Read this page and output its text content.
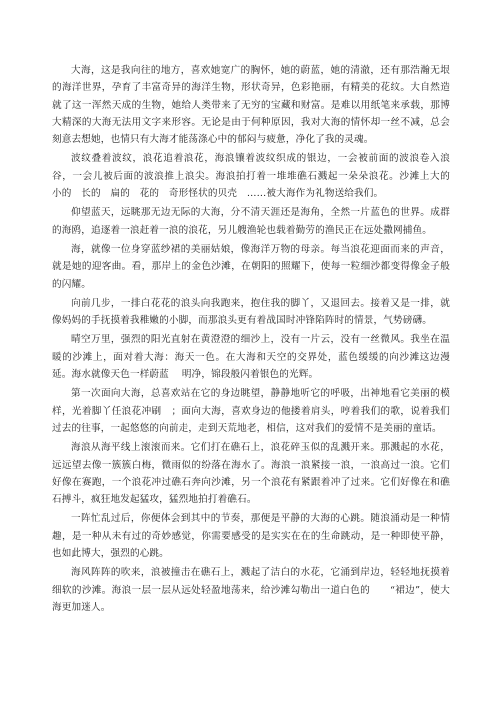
大海，这是我向往的地方，喜欢她宽广的胸怀，她的蔚蓝，她的清澈，还有那浩瀚无垠的海洋世界，孕育了丰富奇异的海洋生物，形状奇异，色彩艳丽，有精美的花纹。大自然造就了这一浑然天成的生物，她给人类带来了无穷的宝藏和财富。是难以用纸笔来承载，那博大精深的大海无法用文字来形容。无论是由于何种原因，我对大海的情怀却一丝不减，总会刻意去想她，也情只有大海才能荡涤心中的郁闷与疲惫，净化了我的灵魂。

波纹叠着波纹，浪花追着浪花，海浪镶着波纹织成的银边，一会被前面的波浪卷入浪谷，一会儿被后面的波浪推上浪尖。海浪拍打着一堆堆礁石溅起一朵朵浪花。沙滩上大的　　小的　长的　扁的　花的　奇形怪状的贝壳　……被大海作为礼物送给我们。

仰望蓝天，远眺那无边无际的大海，分不清天涯还是海角，全然一片蓝色的世界。成群的海鸥，追逐着一浪赶着一浪的浪花，另儿艘渔轮也载着勤劳的渔民正在远处撒网捕鱼。

海，就像一位身穿蓝纱裙的美丽姑娘，像海洋万物的母亲。每当浪花迎面而来的声音，就是她的迎客曲。看，那岸上的金色沙滩，在朝阳的照耀下，使每一粒细沙都变得像金子般的闪耀。

向前几步，一排白花花的浪头向我跑来，抱住我的脚丫，又退回去。接着又是一排，就像妈妈的手抚摸着我稚嫩的小脚，而那浪头更有着战国时冲锋陷阵时的情景，气势磅礴。

晴空万里，强烈的阳光直射在黄澄澄的细沙上，没有一片云，没有一丝微风。我坐在温暖的沙滩上，面对着大海：海天一色。在大海和天空的交界处，蓝色缓缓的向沙滩这边漫延。海水就像天色一样蔚蓝　 明净，锦段般闪着银色的光辉。

第一次面向大海，总喜欢站在它的身边眺望，静静地听它的呼吸，出神地看它美丽的模样，光着脚丫任浪花冲刷　；面向大海，喜欢身边的他搂着肩头，哼着我们的歌，说着我们过去的往事，一起悠悠的向前走，走到天荒地老，相信，这对我们的爱情不是美丽的童话。

海浪从海平线上滚滚而来。它们打在礁石上，浪花碎玉似的乱溅开来。那溅起的水花，远远望去像一簇簇白梅，微雨似的纷落在海水了。海浪一浪紧接一浪，一浪高过一浪。它们好像在赛跑，一个浪花冲过礁石奔向沙滩，另一个浪花有紧跟着冲了过来。它们好像在和礁石搏斗，疯狂地发起猛攻，猛烈地拍打着礁石。

一阵忙乱过后，你便体会到其中的节奏，那便是平静的大海的心跳。随浪涌动是一种情趣，是一种从未有过的奇妙感觉，你需要感受的是实实在在的生命跳动，是一种即使平静，也如此博大，强烈的心跳。

海风阵阵的吹来，浪被撞击在礁石上，溅起了洁白的水花，它涌到岸边，轻轻地抚摸着细软的沙滩。海浪一层一层从远处轻盈地荡来，给沙滩勾勒出一道白色的　　“裙边”，使大海更加迷人。
